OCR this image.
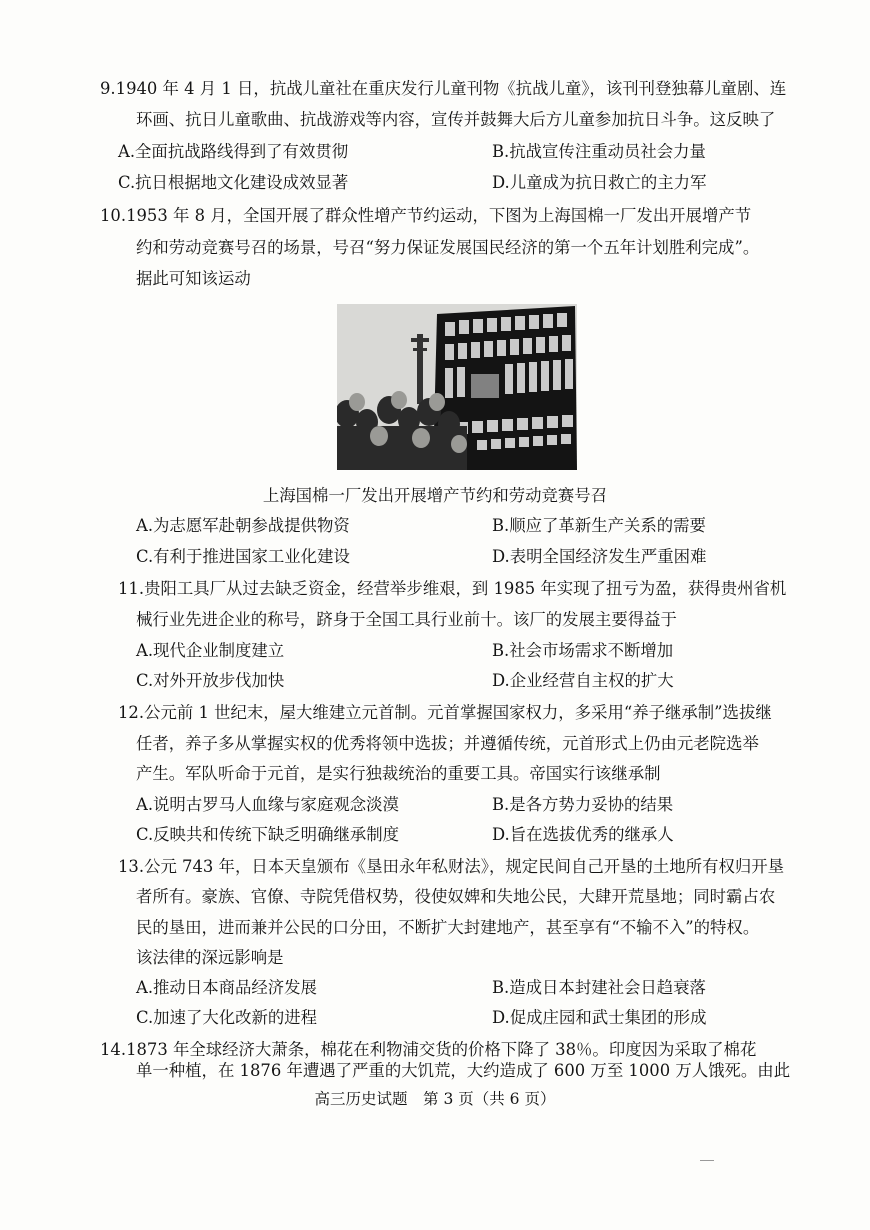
9.1940 年 4 月 1 日，抗战儿童社在重庆发行儿童刊物《抗战儿童》，该刊刊登独幕儿童剧、连
环画、抗日儿童歌曲、抗战游戏等内容，宣传并鼓舞大后方儿童参加抗日斗争。这反映了
A.全面抗战路线得到了有效贯彻	B.抗战宣传注重动员社会力量
C.抗日根据地文化建设成效显著	D.儿童成为抗日救亡的主力军
10.1953 年 8 月，全国开展了群众性增产节约运动，下图为上海国棉一厂发出开展增产节
约和劳动竞赛号召的场景，号召“努力保证发展国民经济的第一个五年计划胜利完成”。
据此可知该运动
上海国棉一厂发出开展增产节约和劳动竞赛号召
A.为志愿军赴朝参战提供物资	B.顺应了革新生产关系的需要
C.有利于推进国家工业化建设	D.表明全国经济发生严重困难
11.贵阳工具厂从过去缺乏资金，经营举步维艰，到 1985 年实现了扭亏为盈，获得贵州省机
械行业先进企业的称号，跻身于全国工具行业前十。该厂的发展主要得益于
A.现代企业制度建立	B.社会市场需求不断增加
C.对外开放步伐加快	D.企业经营自主权的扩大
12.公元前 1 世纪末，屋大维建立元首制。元首掌握国家权力，多采用“养子继承制”选拔继
任者，养子多从掌握实权的优秀将领中选拔；并遵循传统，元首形式上仍由元老院选举
产生。军队听命于元首，是实行独裁统治的重要工具。帝国实行该继承制
A.说明古罗马人血缘与家庭观念淡漠	B.是各方势力妥协的结果
C.反映共和传统下缺乏明确继承制度	D.旨在选拔优秀的继承人
13.公元 743 年，日本天皇颁布《垦田永年私财法》，规定民间自己开垦的土地所有权归开垦
者所有。豪族、官僚、寺院凭借权势，役使奴婢和失地公民，大肆开荒垦地；同时霸占农
民的垦田，进而兼并公民的口分田，不断扩大封建地产，甚至享有“不输不入”的特权。
该法律的深远影响是
A.推动日本商品经济发展	B.造成日本封建社会日趋衰落
C.加速了大化改新的进程	D.促成庄园和武士集团的形成
14.1873 年全球经济大萧条，棉花在利物浦交货的价格下降了 38％。印度因为采取了棉花
单一种植，在 1876 年遭遇了严重的大饥荒，大约造成了 600 万至 1000 万人饿死。由此
高三历史试题　第 3 页（共 6 页）
